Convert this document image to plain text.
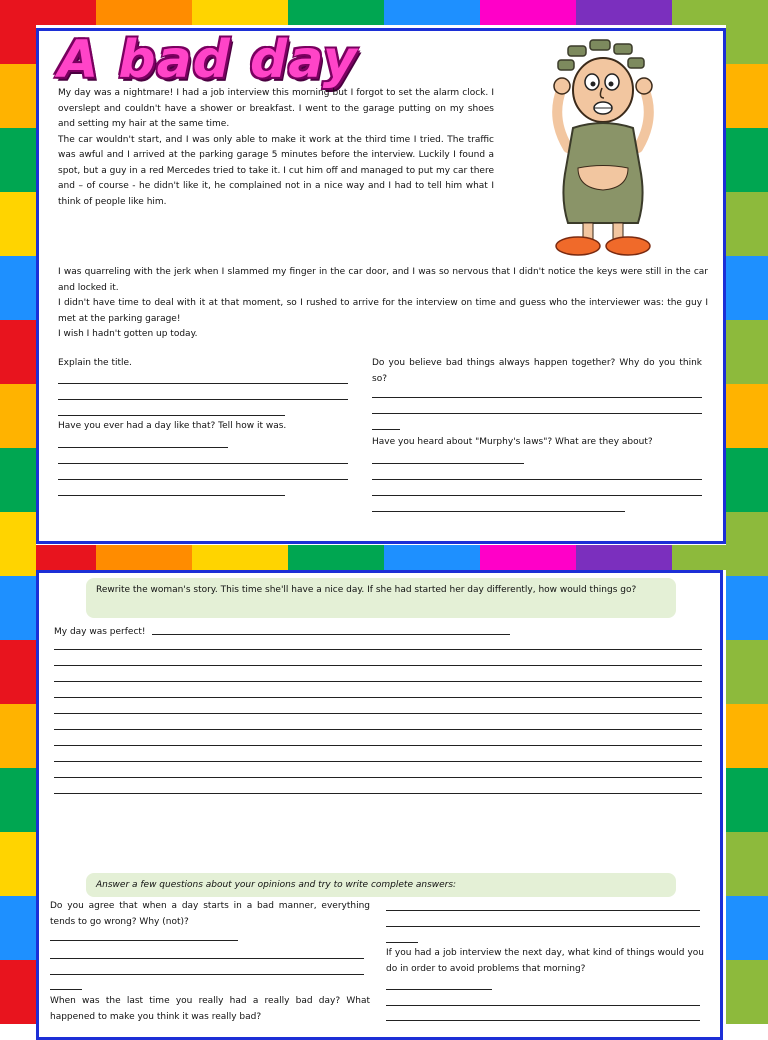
A bad day
My day was a nightmare! I had a job interview this morning but I forgot to set the alarm clock. I overslept and couldn't have a shower or breakfast. I went to the garage putting on my shoes and setting my hair at the same time.
The car wouldn't start, and I was only able to make it work at the third time I tried. The traffic was awful and I arrived at the parking garage 5 minutes before the interview. Luckily I found a spot, but a guy in a red Mercedes tried to take it. I cut him off and managed to put my car there and – of course - he didn't like it, he complained not in a nice way and I had to tell him what I think of people like him.
I was quarreling with the jerk when I slammed my finger in the car door, and I was so nervous that I didn't notice the keys were still in the car and locked it.
I didn't have time to deal with it at that moment, so I rushed to arrive for the interview on time and guess who the interviewer was: the guy I met at the parking garage!
I wish I hadn't gotten up today.
Explain the title.
Have you ever had a day like that? Tell how it was.
Do you believe bad things always happen together? Why do you think so?
Have you heard about "Murphy's laws"? What are they about?
Rewrite the woman's story. This time she'll have a nice day. If she had started her day differently, how would things go?
My day was perfect!
Answer a few questions about your opinions and try to write complete answers:
Do you agree that when a day starts in a bad manner, everything tends to go wrong? Why (not)?
When was the last time you really had a really bad day? What happened to make you think it was really bad?
If you had a job interview the next day, what kind of things would you do in order to avoid problems that morning?
